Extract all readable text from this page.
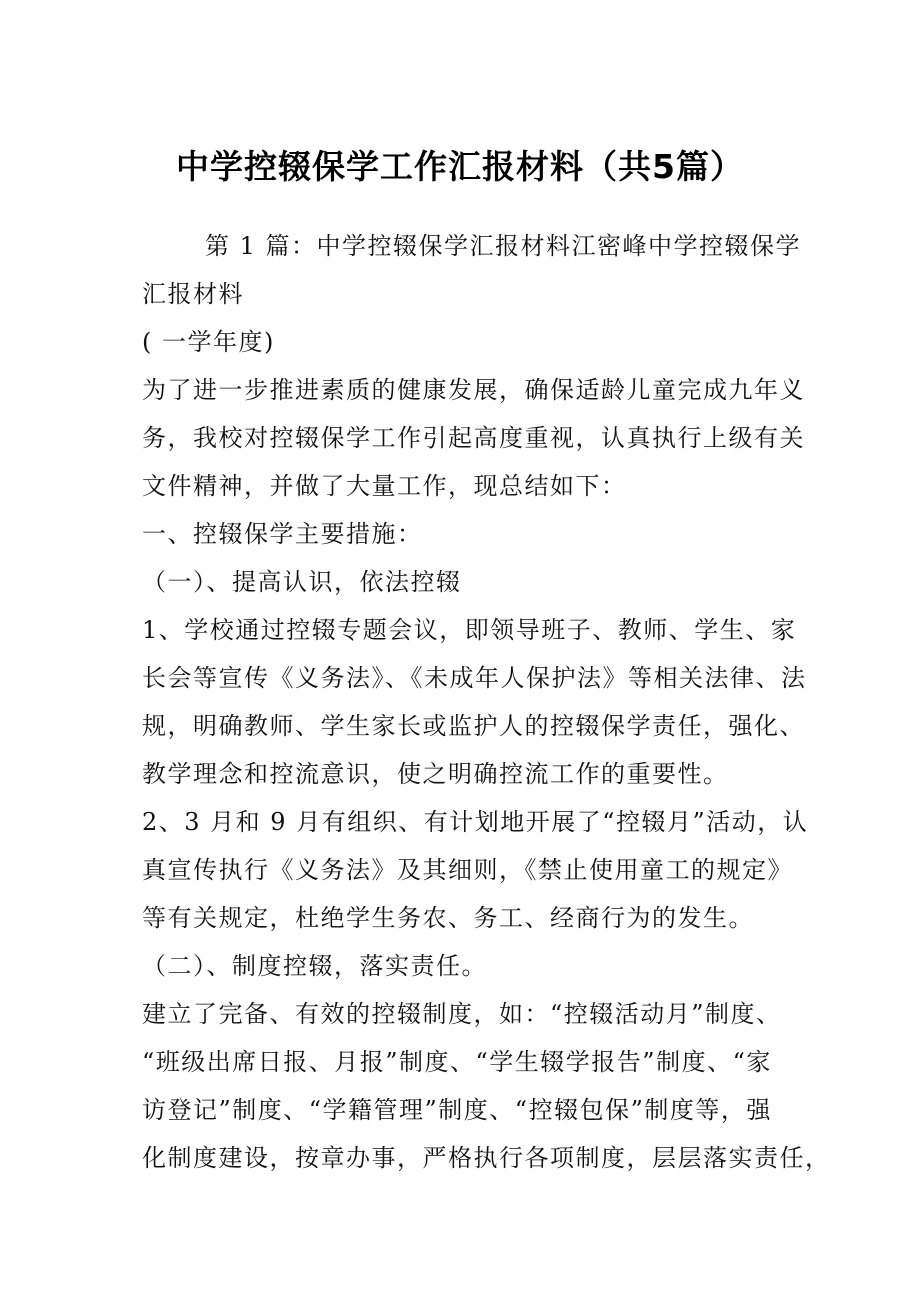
中学控辍保学工作汇报材料（共5篇）
第 1 篇：中学控辍保学汇报材料江密峰中学控辍保学
汇报材料
( 一学年度)
为了进一步推进素质的健康发展，确保适龄儿童完成九年义
务，我校对控辍保学工作引起高度重视，认真执行上级有关
文件精神，并做了大量工作，现总结如下：
一、控辍保学主要措施：
（一）、提高认识，依法控辍
1、学校通过控辍专题会议，即领导班子、教师、学生、家
长会等宣传《义务法》、《未成年人保护法》等相关法律、法
规，明确教师、学生家长或监护人的控辍保学责任，强化、
教学理念和控流意识，使之明确控流工作的重要性。
2、3 月和 9 月有组织、有计划地开展了“控辍月”活动，认
真宣传执行《义务法》及其细则，《禁止使用童工的规定》
等有关规定，杜绝学生务农、务工、经商行为的发生。
（二）、制度控辍，落实责任。
建立了完备、有效的控辍制度，如：“控辍活动月”制度、
“班级出席日报、月报”制度、“学生辍学报告”制度、“家
访登记”制度、“学籍管理”制度、“控辍包保”制度等，强
化制度建设，按章办事，严格执行各项制度，层层落实责任，
